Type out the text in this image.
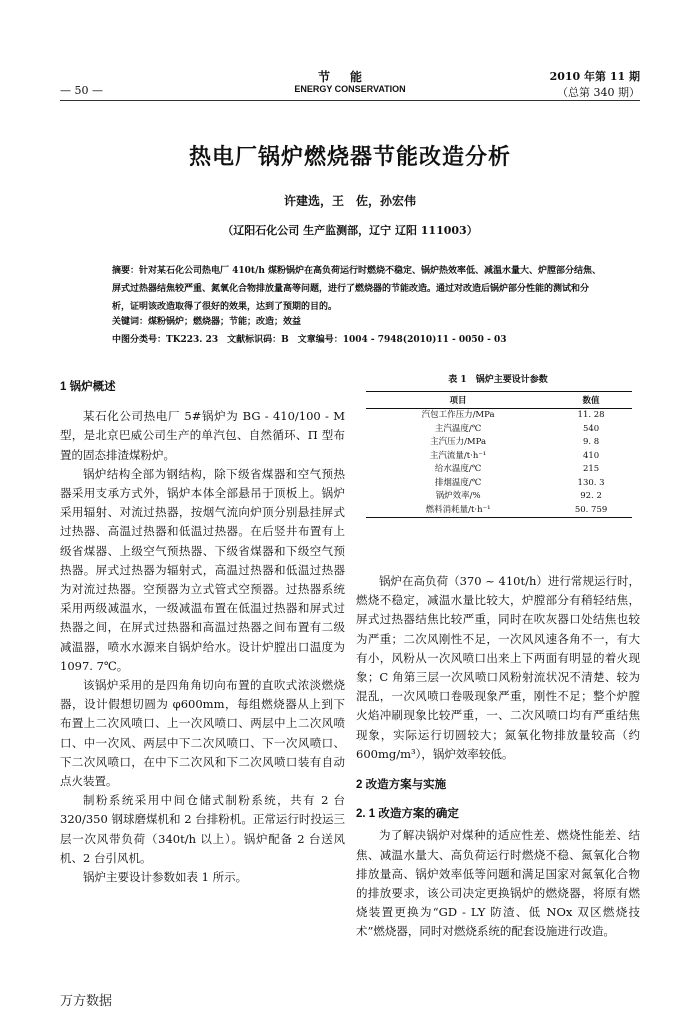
节能
ENERGY CONSERVATION
— 50 —
2010 年第 11 期
（总第 340 期）
热电厂锅炉燃烧器节能改造分析
许建选，王　佐，孙宏伟
（辽阳石化公司 生产监测部，辽宁 辽阳 111003）
摘要：针对某石化公司热电厂 410t/h 煤粉锅炉在高负荷运行时燃烧不稳定、锅炉热效率低、减温水量大、炉膛部分结焦、屏式过热器结焦较严重、氮氧化合物排放量高等问题，进行了燃烧器的节能改造。通过对改造后锅炉部分性能的测试和分析，证明该改造取得了很好的效果，达到了预期的目的。
关键词：煤粉锅炉；燃烧器；节能；改造；效益
中图分类号：TK223. 23　文献标识码：B　文章编号：1004 - 7948(2010)11 - 0050 - 03
1 锅炉概述

某石化公司热电厂 5#锅炉为 BG - 410/100 - M 型，是北京巴威公司生产的单汽包、自然循环、Π 型布置的固态排渣煤粉炉。

锅炉结构全部为钢结构，除下级省煤器和空气预热器采用支承方式外，锅炉本体全部悬吊于顶板上。锅炉采用辐射、对流过热器，按烟气流向炉顶分别悬挂屏式过热器、高温过热器和低温过热器。在后竖井布置有上级省煤器、上级空气预热器、下级省煤器和下级空气预热器。屏式过热器为辐射式，高温过热器和低温过热器为对流过热器。空预器为立式管式空预器。过热器系统采用两级减温水，一级减温布置在低温过热器和屏式过热器之间，在屏式过热器和高温过热器之间布置有二级减温器，喷水水源来自锅炉给水。设计炉膛出口温度为 1097. 7℃。

该锅炉采用的是四角角切向布置的直吹式浓淡燃烧器，设计假想切圆为 φ600mm，每组燃烧器从上到下布置上二次风喷口、上一次风喷口、两层中上二次风喷口、中一次风、两层中下二次风喷口、下一次风喷口、下二次风喷口，在中下二次风和下二次风喷口装有自动点火装置。

制粉系统采用中间仓储式制粉系统，共有 2 台 320/350 钢球磨煤机和 2 台排粉机。正常运行时投运三层一次风带负荷（340t/h 以上）。锅炉配备 2 台送风机、2 台引风机。

锅炉主要设计参数如表 1 所示。

表 1　锅炉主要设计参数
项目	数值
汽包工作压力/MPa	11. 28
主汽温度/℃	540
主汽压力/MPa	9. 8
主汽流量/t·h⁻¹	410
给水温度/℃	215
排烟温度/℃	130. 3
锅炉效率/%	92. 2
燃料消耗量/t·h⁻¹	50. 759

锅炉在高负荷（370 ~ 410t/h）进行常规运行时，燃烧不稳定，减温水量比较大，炉膛部分有稍轻结焦，屏式过热器结焦比较严重，同时在吹灰器口处结焦也较为严重；二次风刚性不足，一次风风速各角不一，有大有小，风粉从一次风喷口出来上下两面有明显的着火现象；C 角第三层一次风喷口风粉射流状况不清楚、较为混乱，一次风喷口卷吸现象严重，刚性不足；整个炉膛火焰冲刷现象比较严重，一、二次风喷口均有严重结焦现象，实际运行切圆较大；氮氧化物排放量较高（约600mg/m³），锅炉效率较低。

2 改造方案与实施
2. 1 改造方案的确定

为了解决锅炉对煤种的适应性差、燃烧性能差、结焦、减温水量大、高负荷运行时燃烧不稳、氮氧化合物排放量高、锅炉效率低等问题和满足国家对氮氧化合物的排放要求，该公司决定更换锅炉的燃烧器，将原有燃烧装置更换为“GD - LY 防渣、低 NOx 双区燃烧技术”燃烧器，同时对燃烧系统的配套设施进行改造。

万方数据
